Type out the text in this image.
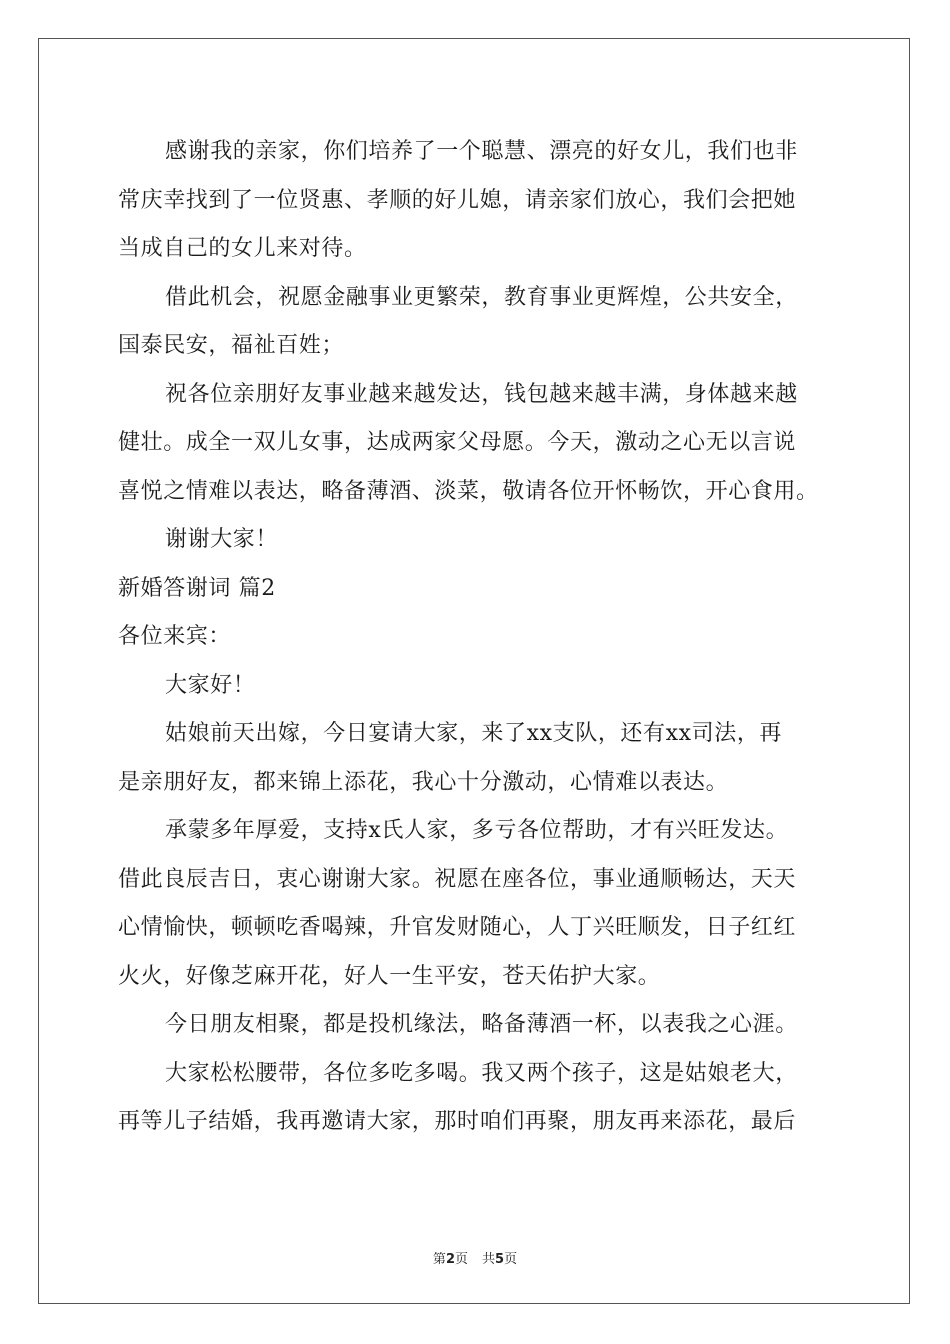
感谢我的亲家，你们培养了一个聪慧、漂亮的好女儿，我们也非
常庆幸找到了一位贤惠、孝顺的好儿媳，请亲家们放心，我们会把她
当成自己的女儿来对待。
借此机会，祝愿金融事业更繁荣，教育事业更辉煌，公共安全，
国泰民安，福祉百姓；
祝各位亲朋好友事业越来越发达，钱包越来越丰满，身体越来越
健壮。成全一双儿女事，达成两家父母愿。今天，激动之心无以言说
喜悦之情难以表达，略备薄酒、淡菜，敬请各位开怀畅饮，开心食用。
谢谢大家！
新婚答谢词 篇2
各位来宾：
大家好！
姑娘前天出嫁，今日宴请大家，来了xx支队，还有xx司法，再
是亲朋好友，都来锦上添花，我心十分激动，心情难以表达。
承蒙多年厚爱，支持x氏人家，多亏各位帮助，才有兴旺发达。
借此良辰吉日，衷心谢谢大家。祝愿在座各位，事业通顺畅达，天天
心情愉快，顿顿吃香喝辣，升官发财随心，人丁兴旺顺发，日子红红
火火，好像芝麻开花，好人一生平安，苍天佑护大家。
今日朋友相聚，都是投机缘法，略备薄酒一杯，以表我之心涯。
大家松松腰带，各位多吃多喝。我又两个孩子，这是姑娘老大，
再等儿子结婚，我再邀请大家，那时咱们再聚，朋友再来添花，最后
第2页 共5页
